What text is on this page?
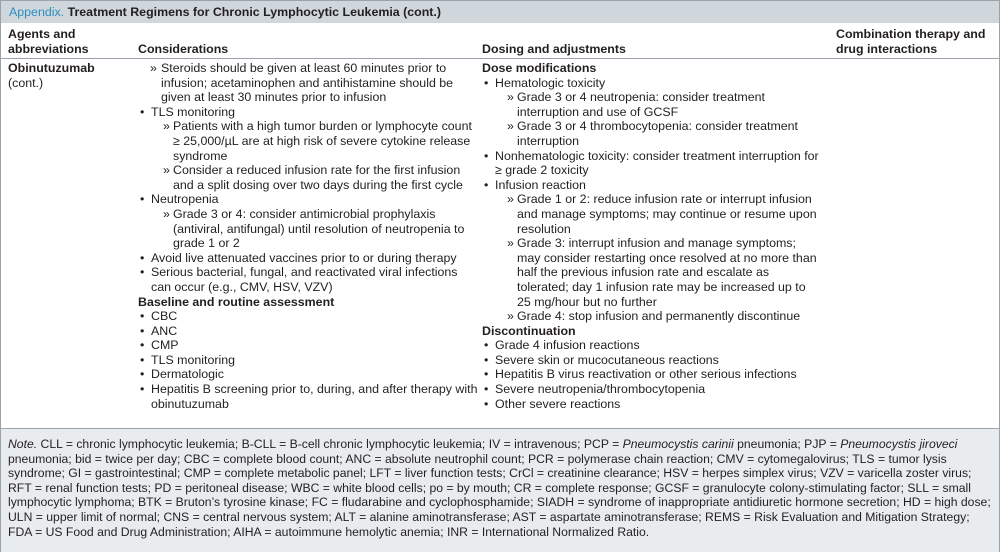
Appendix. Treatment Regimens for Chronic Lymphocytic Leukemia (cont.)
Agents and
abbreviations	Considerations	Dosing and adjustments
Combination therapy and
drug interactions
Obinutuzumab
(cont.)
» Steroids should be given at least 60 minutes prior to infusion; acetaminophen and antihistamine should be given at least 30 minutes prior to infusion
• TLS monitoring
» Patients with a high tumor burden or lymphocyte count ≥ 25,000/µL are at high risk of severe cytokine release syndrome
» Consider a reduced infusion rate for the first infusion and a split dosing over two days during the first cycle
• Neutropenia
» Grade 3 or 4: consider antimicrobial prophylaxis (antiviral, antifungal) until resolution of neutropenia to grade 1 or 2
• Avoid live attenuated vaccines prior to or during therapy
• Serious bacterial, fungal, and reactivated viral infections can occur (e.g., CMV, HSV, VZV)
Baseline and routine assessment
• CBC
• ANC
• CMP
• TLS monitoring
• Dermatologic
• Hepatitis B screening prior to, during, and after therapy with obinutuzumab
Dose modifications
• Hematologic toxicity
» Grade 3 or 4 neutropenia: consider treatment interruption and use of GCSF
» Grade 3 or 4 thrombocytopenia: consider treatment interruption
• Nonhematologic toxicity: consider treatment interruption for ≥ grade 2 toxicity
• Infusion reaction
» Grade 1 or 2: reduce infusion rate or interrupt infusion and manage symptoms; may continue or resume upon resolution
» Grade 3: interrupt infusion and manage symptoms; may consider restarting once resolved at no more than half the previous infusion rate and escalate as tolerated; day 1 infusion rate may be increased up to 25 mg/hour but no further
» Grade 4: stop infusion and permanently discontinue
Discontinuation
• Grade 4 infusion reactions
• Severe skin or mucocutaneous reactions
• Hepatitis B virus reactivation or other serious infections
• Severe neutropenia/thrombocytopenia
• Other severe reactions
Note. CLL = chronic lymphocytic leukemia; B-CLL = B-cell chronic lymphocytic leukemia; IV = intravenous; PCP = Pneumocystis carinii pneumonia; PJP = Pneumocystis jiroveci pneumonia; bid = twice per day; CBC = complete blood count; ANC = absolute neutrophil count; PCR = polymerase chain reaction; CMV = cytomegalovirus; TLS = tumor lysis syndrome; GI = gastrointestinal; CMP = complete metabolic panel; LFT = liver function tests; CrCl = creatinine clearance; HSV = herpes simplex virus; VZV = varicella zoster virus; RFT = renal function tests; PD = peritoneal disease; WBC = white blood cells; po = by mouth; CR = complete response; GCSF = granulocyte colony-stimulating factor; SLL = small lymphocytic lymphoma; BTK = Bruton’s tyrosine kinase; FC = fludarabine and cyclophosphamide; SIADH = syndrome of inappropriate antidiuretic hormone secretion; HD = high dose; ULN = upper limit of normal; CNS = central nervous system; ALT = alanine aminotransferase; AST = aspartate aminotransferase; REMS = Risk Evaluation and Mitigation Strategy; FDA = US Food and Drug Administration; AIHA = autoimmune hemolytic anemia; INR = International Normalized Ratio.
